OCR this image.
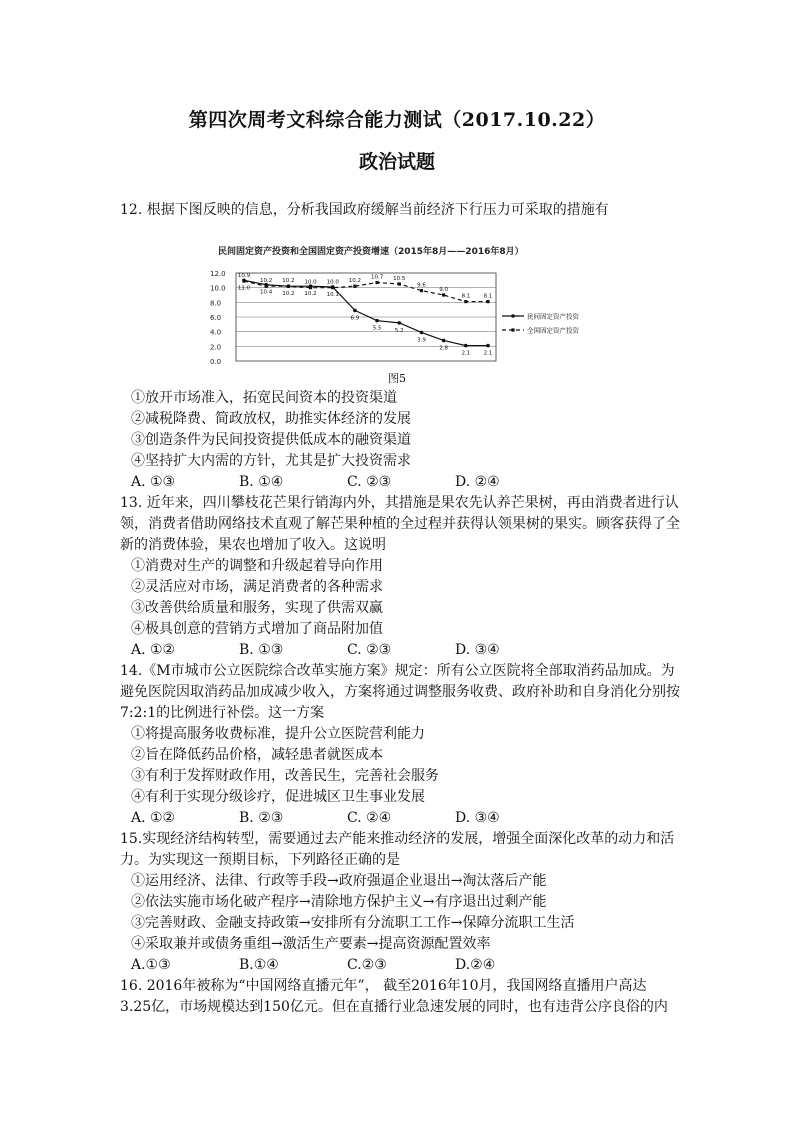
第四次周考文科综合能力测试（2017.10.22）
政治试题
12. 根据下图反映的信息，分析我国政府缓解当前经济下行压力可采取的措施有
民间固定资产投资和全国固定资产投资增速（2015年8月——2016年8月）
12.0
10.0
8.0
6.0
4.0
2.0
0.0
11.0
10.4 10.2 10.2 10.1
6.9
5.5 5.2
3.9
2.8
2.1 2.1
10.9
10.2 10.2 10.0 10.0 10.2
10.7 10.5
9.6
9.0
8.1 8.1
民间固定资产投资
全国固定资产投资
图5
①放开市场准入，拓宽民间资本的投资渠道
②减税降费、简政放权，助推实体经济的发展
③创造条件为民间投资提供低成本的融资渠道
④坚持扩大内需的方针，尤其是扩大投资需求
A. ①③	B. ①④	C. ②③	D. ②④
13. 近年来，四川攀枝花芒果行销海内外，其措施是果农先认养芒果树，再由消费者进行认
领，消费者借助网络技术直观了解芒果种植的全过程并获得认领果树的果实。顾客获得了全
新的消费体验，果农也增加了收入。这说明
①消费对生产的调整和升级起着导向作用
②灵活应对市场，满足消费者的各种需求
③改善供给质量和服务，实现了供需双赢
④极具创意的营销方式增加了商品附加值
A. ①②	B. ①③	C. ②③	D. ③④
14.《M市城市公立医院综合改革实施方案》规定：所有公立医院将全部取消药品加成。为
避免医院因取消药品加成减少收入，方案将通过调整服务收费、政府补助和自身消化分别按
7:2:1的比例进行补偿。这一方案
①将提高服务收费标准，提升公立医院营利能力
②旨在降低药品价格，减轻患者就医成本
③有利于发挥财政作用，改善民生，完善社会服务
④有利于实现分级诊疗，促进城区卫生事业发展
A. ①②	B. ②③	C. ②④	D. ③④
15.实现经济结构转型，需要通过去产能来推动经济的发展，增强全面深化改革的动力和活
力。为实现这一预期目标，下列路径正确的是
①运用经济、法律、行政等手段→政府强逼企业退出→淘汰落后产能
②依法实施市场化破产程序→清除地方保护主义→有序退出过剩产能
③完善财政、金融支持政策→安排所有分流职工工作→保障分流职工生活
④采取兼并或债务重组→激活生产要素→提高资源配置效率
A.①③	B.①④	C.②③	D.②④
16. 2016年被称为“中国网络直播元年”， 截至2016年10月，我国网络直播用户高达
3.25亿，市场规模达到150亿元。但在直播行业急速发展的同时，也有违背公序良俗的内
